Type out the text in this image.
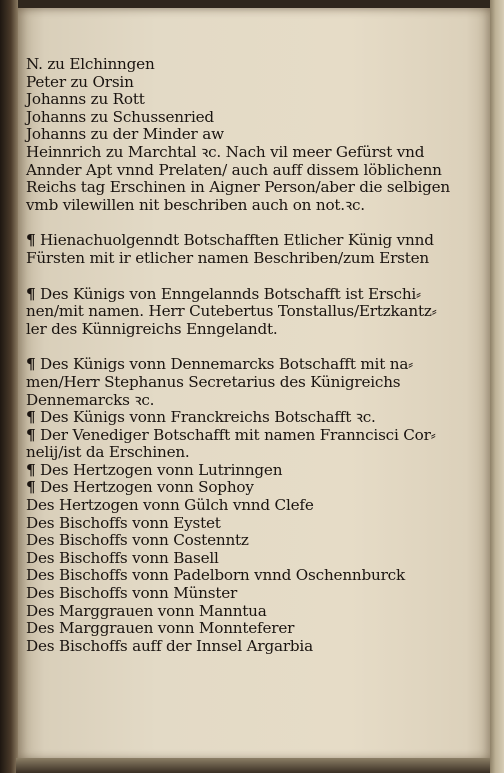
N. zu Elchinngen
Peter zu Orsin
Johanns zu Rott
Johanns zu Schussenried
Johanns zu der Minder aw
Heinnrich zu Marchtal ꝛc. Nach vil meer Gefürst vnd
Annder Apt vnnd Prelaten/ auch auff dissem löblichenn
Reichs tag Erschinen in Aigner Person/aber die selbigen
vmb vilewillen nit beschriben auch on not.ꝛc.
¶ Hienachuolgenndt Botschafften Etlicher Künig vnnd
Fürsten mit ir etlicher namen Beschriben/zum Ersten
¶ Des Künigs von Enngelannds Botschafft ist Erschi⸗
nen/mit namen. Herr Cutebertus Tonstallus/Ertzkantz⸗
ler des Künnigreichs Enngelandt.
¶ Des Künigs vonn Dennemarcks Botschafft mit na⸗
men/Herr Stephanus Secretarius des Künigreichs
Dennemarcks ꝛc.
¶ Des Künigs vonn Franckreichs Botschafft ꝛc.
¶ Der Venediger Botschafft mit namen Franncisci Cor⸗
nelij/ist da Erschinen.
¶ Des Hertzogen vonn Lutrinngen
¶ Des Hertzogen vonn Sophoy
Des Hertzogen vonn Gülch vnnd Clefe
Des Bischoffs vonn Eystet
Des Bischoffs vonn Costenntz
Des Bischoffs vonn Basell
Des Bischoffs vonn Padelborn vnnd Oschennburck
Des Bischoffs vonn Münster
Des Marggrauen vonn Manntua
Des Marggrauen vonn Monnteferer
Des Bischoffs auff der Innsel Argarbia
